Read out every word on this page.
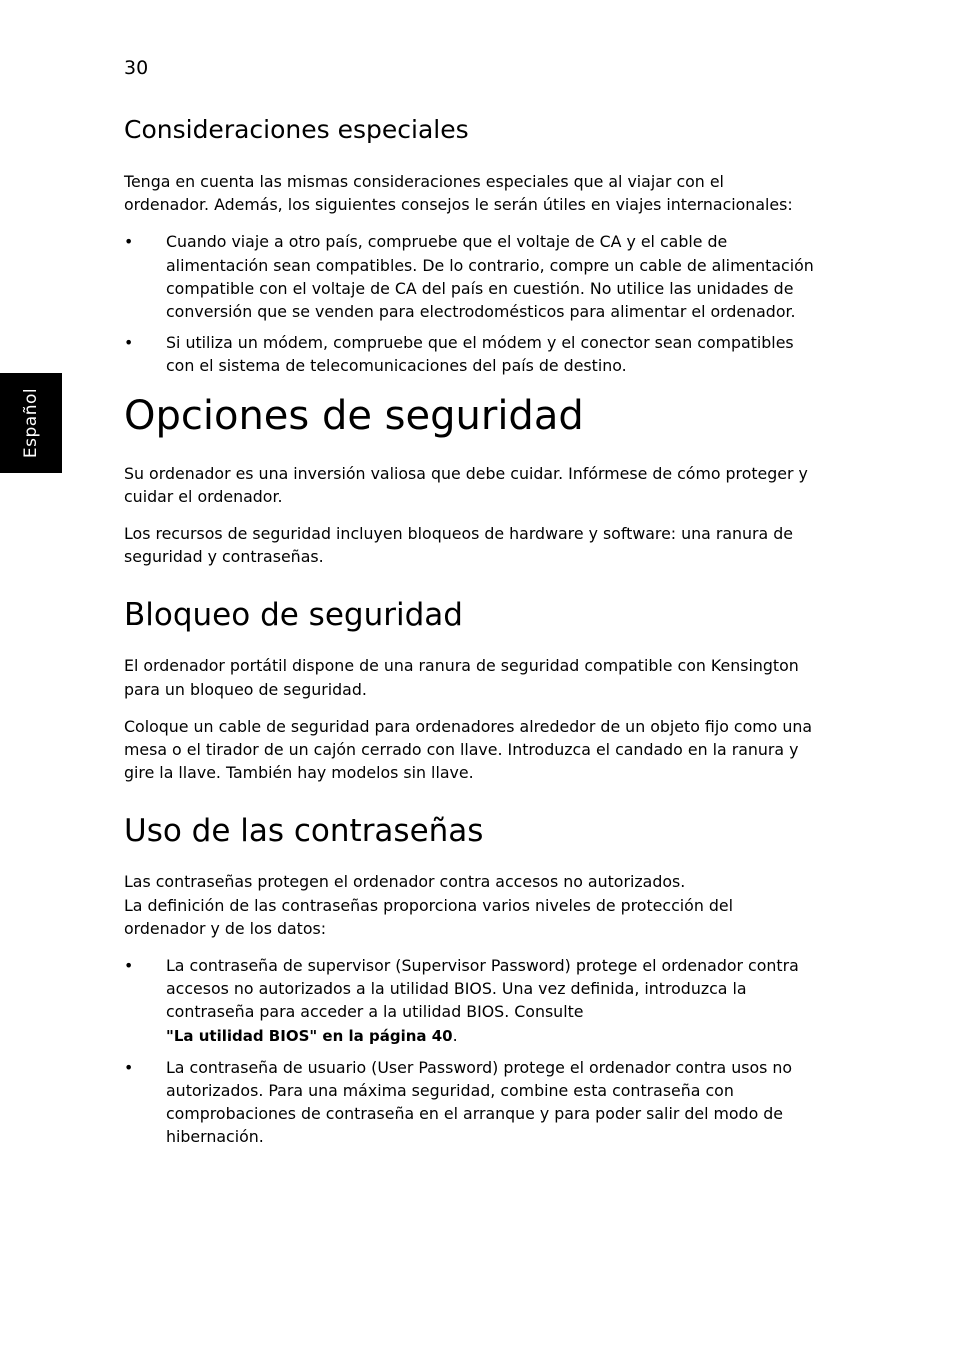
30
Español
Consideraciones especiales

Tenga en cuenta las mismas consideraciones especiales que al viajar con el ordenador. Además, los siguientes consejos le serán útiles en viajes internacionales:

• Cuando viaje a otro país, compruebe que el voltaje de CA y el cable de alimentación sean compatibles. De lo contrario, compre un cable de alimentación compatible con el voltaje de CA del país en cuestión. No utilice las unidades de conversión que se venden para electrodomésticos para alimentar el ordenador.
• Si utiliza un módem, compruebe que el módem y el conector sean compatibles con el sistema de telecomunicaciones del país de destino.
Opciones de seguridad

Su ordenador es una inversión valiosa que debe cuidar. Infórmese de cómo proteger y cuidar el ordenador.

Los recursos de seguridad incluyen bloqueos de hardware y software: una ranura de seguridad y contraseñas.

Bloqueo de seguridad

El ordenador portátil dispone de una ranura de seguridad compatible con Kensington para un bloqueo de seguridad.

Coloque un cable de seguridad para ordenadores alrededor de un objeto fijo como una mesa o el tirador de un cajón cerrado con llave. Introduzca el candado en la ranura y gire la llave. También hay modelos sin llave.

Uso de las contraseñas

Las contraseñas protegen el ordenador contra accesos no autorizados.
La definición de las contraseñas proporciona varios niveles de protección del ordenador y de los datos:

• La contraseña de supervisor (Supervisor Password) protege el ordenador contra accesos no autorizados a la utilidad BIOS. Una vez definida, introduzca la contraseña para acceder a la utilidad BIOS. Consulte
"La utilidad BIOS" en la página 40.
• La contraseña de usuario (User Password) protege el ordenador contra usos no autorizados. Para una máxima seguridad, combine esta contraseña con comprobaciones de contraseña en el arranque y para poder salir del modo de hibernación.
